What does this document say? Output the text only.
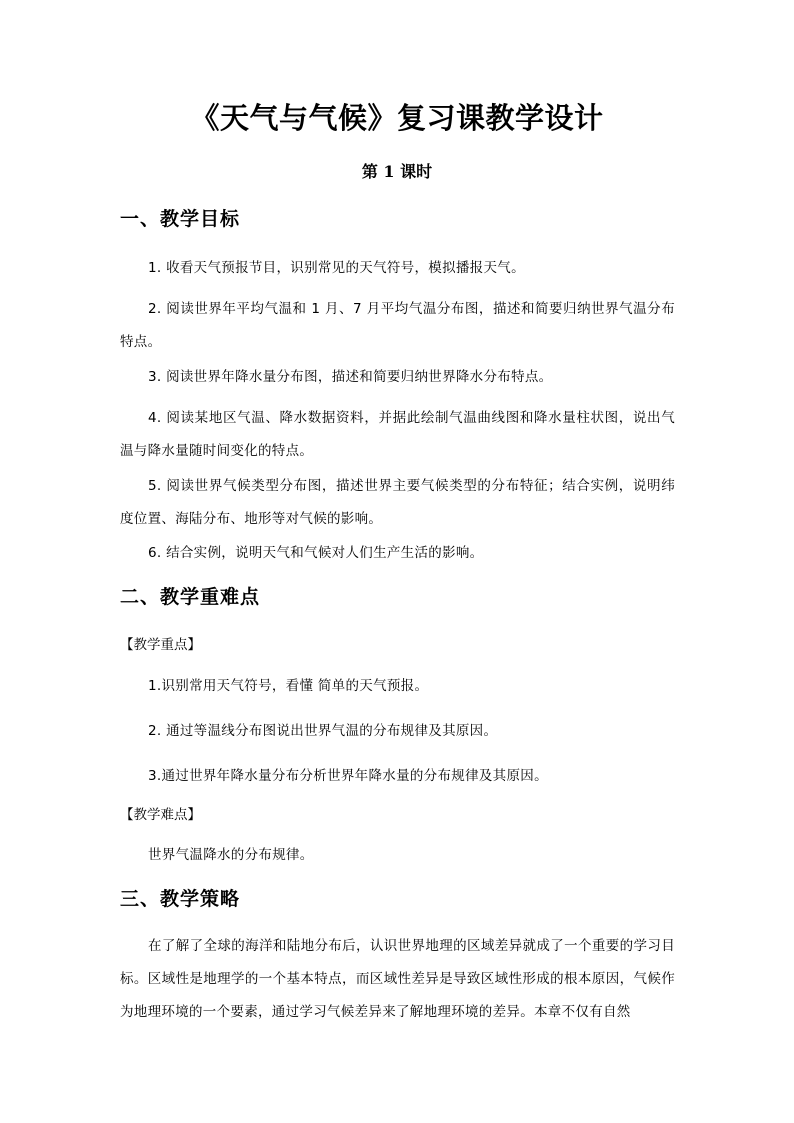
《天气与气候》复习课教学设计
第 1 课时
一、教学目标
1. 收看天气预报节目，识别常见的天气符号，模拟播报天气。
2. 阅读世界年平均气温和 1 月、7 月平均气温分布图，描述和简要归纳世界气温分布特点。
3. 阅读世界年降水量分布图，描述和简要归纳世界降水分布特点。
4. 阅读某地区气温、降水数据资料，并据此绘制气温曲线图和降水量柱状图，说出气温与降水量随时间变化的特点。
5. 阅读世界气候类型分布图，描述世界主要气候类型的分布特征；结合实例，说明纬度位置、海陆分布、地形等对气候的影响。
6. 结合实例，说明天气和气候对人们生产生活的影响。
二、教学重难点
【教学重点】
1.识别常用天气符号，看懂 简单的天气预报。
2. 通过等温线分布图说出世界气温的分布规律及其原因。
3.通过世界年降水量分布分析世界年降水量的分布规律及其原因。
【教学难点】
世界气温降水的分布规律。
三、教学策略
在了解了全球的海洋和陆地分布后，认识世界地理的区域差异就成了一个重要的学习目标。区域性是地理学的一个基本特点，而区域性差异是导致区域性形成的根本原因，气候作为地理环境的一个要素，通过学习气候差异来了解地理环境的差异。本章不仅有自然
